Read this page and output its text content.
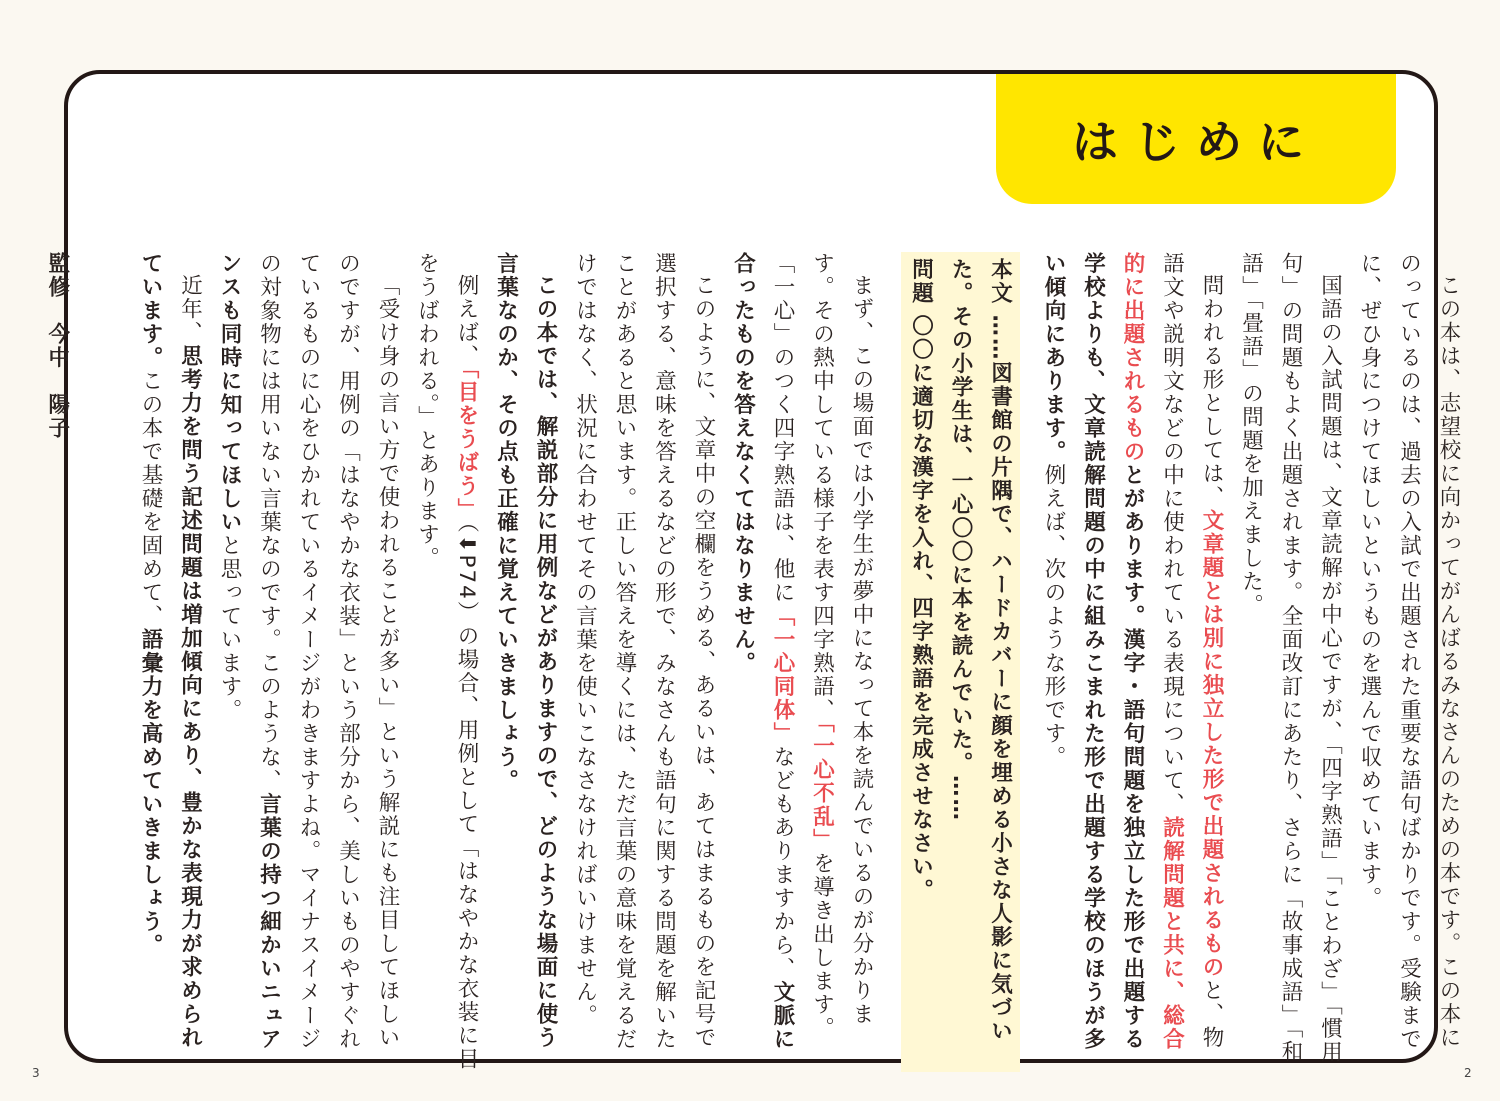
はじめに

この本は、志望校に向かってがんばるみなさんのための本です。この本にのっているのは、過去の入試で出題された重要な語句ばかりです。受験までに、ぜひ身につけてほしいというものを選んで収めています。

国語の入試問題は、文章読解が中心ですが、「四字熟語」「ことわざ」「慣用句」の問題もよく出題されます。全面改訂にあたり、さらに「故事成語」「和語」「畳語」の問題を加えました。

問われる形としては、文章題とは別に独立した形で出題されるものと、物語文や説明文などの中に使われている表現について、読解問題と共に、総合的に出題されるものとがあります。漢字・語句問題を独立した形で出題する学校よりも、文章読解問題の中に組みこまれた形で出題する学校のほうが多い傾向にあります。例えば、次のような形です。

本文 ……図書館の片隅で、ハードカバーに顔を埋める小さな人影に気づいた。その小学生は、一心〇〇に本を読んでいた。……

問題 〇〇に適切な漢字を入れ、四字熟語を完成させなさい。

まず、この場面では小学生が夢中になって本を読んでいるのが分かります。その熱中している様子を表す四字熟語、「一心不乱」を導き出します。「一心」のつく四字熟語は、他に「一心同体」などもありますから、文脈に合ったものを答えなくてはなりません。

このように、文章中の空欄をうめる、あるいは、あてはまるものを記号で選択する、意味を答えるなどの形で、みなさんも語句に関する問題を解いたことがあると思います。正しい答えを導くには、ただ言葉の意味を覚えるだけではなく、状況に合わせてその言葉を使いこなさなければいけません。

この本では、解説部分に用例などがありますので、どのような場面に使う言葉なのか、その点も正確に覚えていきましょう。

例えば、「目をうばう」（⬇P74）の場合、用例として「はなやかな衣装に目をうばわれる。」とあります。

「受け身の言い方で使われることが多い」という解説にも注目してほしいのですが、用例の「はなやかな衣装」という部分から、美しいものやすぐれているものに心をひかれているイメージがわきますよね。マイナスイメージの対象物には用いない言葉なのです。このような、言葉の持つ細かいニュアンスも同時に知ってほしいと思っています。

近年、思考力を問う記述問題は増加傾向にあり、豊かな表現力が求められています。この本で基礎を固めて、語彙力を高めていきましょう。

監修　今中　陽子

3	2
